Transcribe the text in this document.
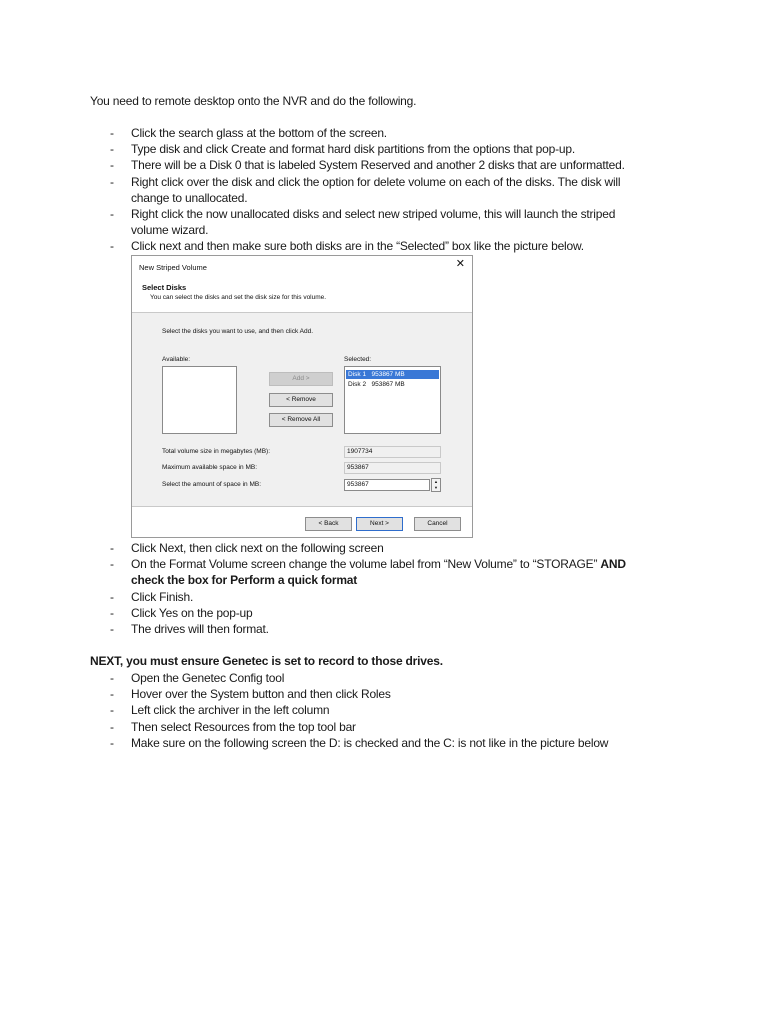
You need to remote desktop onto the NVR and do the following.
- Click the search glass at the bottom of the screen.
- Type disk and click Create and format hard disk partitions from the options that pop-up.
- There will be a Disk 0 that is labeled System Reserved and another 2 disks that are unformatted.
- Right click over the disk and click the option for delete volume on each of the disks. The disk will change to unallocated.
- Right click the now unallocated disks and select new striped volume, this will launch the striped volume wizard.
- Click next and then make sure both disks are in the “Selected” box like the picture below.
New Striped Volume	✕
Select Disks
You can select the disks and set the disk size for this volume.
Select the disks you want to use, and then click Add.
Available:	Selected:
Add >
< Remove
< Remove All
Disk 1 953867 MB
Disk 2 953867 MB
Total volume size in megabytes (MB):	1907734
Maximum available space in MB:	953867
Select the amount of space in MB:	953867	▲
▼
< Back	Next >	Cancel
- Click Next, then click next on the following screen
- On the Format Volume screen change the volume label from “New Volume” to “STORAGE” AND check the box for Perform a quick format
- Click Finish.
- Click Yes on the pop-up
- The drives will then format.
NEXT, you must ensure Genetec is set to record to those drives.
- Open the Genetec Config tool
- Hover over the System button and then click Roles
- Left click the archiver in the left column
- Then select Resources from the top tool bar
- Make sure on the following screen the D: is checked and the C: is not like in the picture below
